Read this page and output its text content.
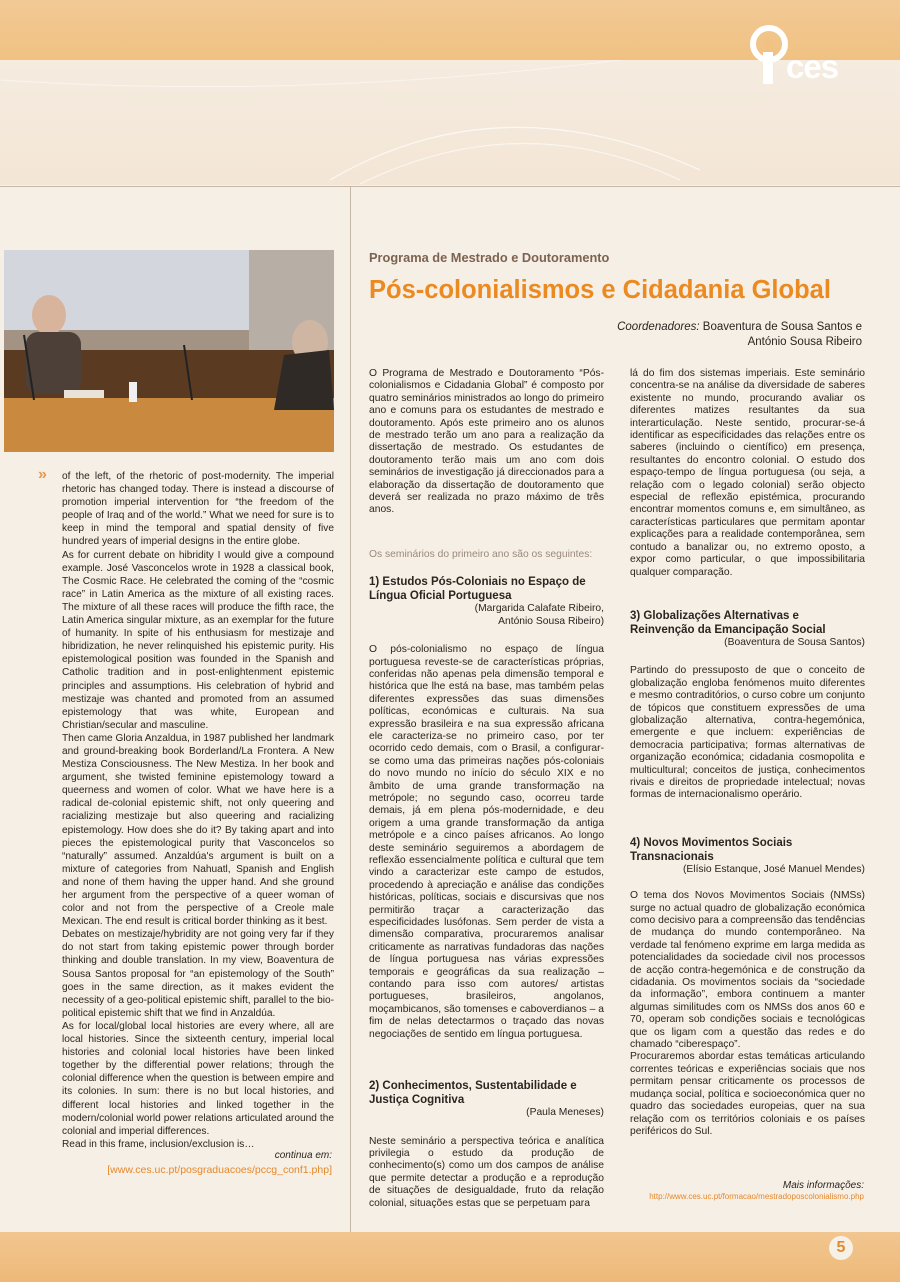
ces
» of the left, of the rhetoric of post-modernity. The imperial rhetoric has changed today. There is instead a discourse of promotion imperial intervention for “the freedom of the people of Iraq and of the world.” What we need for sure is to keep in mind the temporal and spatial density of five hundred years of imperial designs in the entire globe.

As for current debate on hibridity I would give a compound example. José Vasconcelos wrote in 1928 a classical book, The Cosmic Race. He celebrated the coming of the “cosmic race” in Latin America as the mixture of all existing races. The mixture of all these races will produce the fifth race, the Latin America singular mixture, as an exemplar for the future of humanity. In spite of his enthusiasm for mestizaje and hibridization, he never relinquished his epistemic purity. His epistemological position was founded in the Spanish and Catholic tradition and in post-enlightenment epistemic principles and assumptions. His celebration of hybrid and mestizaje was chanted and promoted from an assumed epistemology that was white, European and Christian/secular and masculine.

Then came Gloria Anzaldua, in 1987 published her landmark and ground-breaking book Borderland/La Frontera. A New Mestiza Consciousness. The New Mestiza. In her book and argument, she twisted feminine epistemology toward a queerness and women of color. What we have here is a radical de-colonial epistemic shift, not only queering and racializing mestizaje but also queering and racializing epistemology. How does she do it? By taking apart and into pieces the epistemological purity that Vasconcelos so “naturally” assumed. Anzaldúa's argument is built on a mixture of categories from Nahuatl, Spanish and English and none of them having the upper hand. And she ground her argument from the perspective of a queer woman of color and not from the perspective of a Creole male Mexican. The end result is critical border thinking as it best.

Debates on mestizaje/hybridity are not going very far if they do not start from taking epistemic power through border thinking and double translation. In my view, Boaventura de Sousa Santos proposal for “an epistemology of the South” goes in the same direction, as it makes evident the necessity of a geo-political epistemic shift, parallel to the bio-political epistemic shift that we find in Anzaldúa.

As for local/global local histories are every where, all are local histories. Since the sixteenth century, imperial local histories and colonial local histories have been linked together by the differential power relations; through the colonial difference when the question is between empire and its colonies. In sum: there is no but local histories, and different local histories and linked together in the modern/colonial world power relations articulated around the colonial and imperial differences.

Read in this frame, inclusion/exclusion is…

continua em:
[www.ces.uc.pt/posgraduacoes/pccg_conf1.php]
Programa de Mestrado e Doutoramento
Pós-colonialismos e Cidadania Global
Coordenadores: Boaventura de Sousa Santos e
António Sousa Ribeiro

O Programa de Mestrado e Doutoramento “Pós-colonialismos e Cidadania Global” é composto por quatro seminários ministrados ao longo do primeiro ano e comuns para os estudantes de mestrado e doutoramento. Após este primeiro ano os alunos de mestrado terão um ano para a realização da dissertação de mestrado. Os estudantes de doutoramento terão mais um ano com dois seminários de investigação já direccionados para a elaboração da dissertação de doutoramento que deverá ser realizada no prazo máximo de três anos.

Os seminários do primeiro ano são os seguintes:

1) Estudos Pós-Coloniais no Espaço de Língua Oficial Portuguesa
(Margarida Calafate Ribeiro,
António Sousa Ribeiro)

O pós-colonialismo no espaço de língua portuguesa reveste-se de características próprias, conferidas não apenas pela dimensão temporal e histórica que lhe está na base, mas também pelas diferentes expressões das suas dimensões políticas, económicas e culturais. Na sua expressão brasileira e na sua expressão africana ele caracteriza-se no primeiro caso, por ter ocorrido cedo demais, com o Brasil, a configurar-se como uma das primeiras nações pós-coloniais do novo mundo no início do século XIX e no âmbito de uma grande transformação na metrópole; no segundo caso, ocorreu tarde demais, já em plena pós-modernidade, e deu origem a uma grande transformação da antiga metrópole e a cinco países africanos. Ao longo deste seminário seguiremos a abordagem de reflexão essencialmente política e cultural que tem vindo a caracterizar este campo de estudos, procedendo à apreciação e análise das condições históricas, políticas, sociais e discursivas que nos permitirão traçar a caracterização das especificidades lusófonas. Sem perder de vista a dimensão comparativa, procuraremos analisar criticamente as narrativas fundadoras das nações de língua portuguesa nas várias expressões temporais e geográficas da sua realização – contando para isso com autores/ artistas portugueses, brasileiros, angolanos, moçambicanos, são tomenses e caboverdianos – a fim de nelas detectarmos o traçado das novas negociações de sentido em língua portuguesa.

2) Conhecimentos, Sustentabilidade e Justiça Cognitiva
(Paula Meneses)

Neste seminário a perspectiva teórica e analítica privilegia o estudo da produção de conhecimento(s) como um dos campos de análise que permite detectar a produção e a reprodução de situações de desigualdade, fruto da relação colonial, situações estas que se perpetuam para

lá do fim dos sistemas imperiais. Este seminário concentra-se na análise da diversidade de saberes existente no mundo, procurando avaliar os diferentes matizes resultantes da sua interarticulação. Neste sentido, procurar-se-á identificar as especificidades das relações entre os saberes (incluindo o científico) em presença, resultantes do encontro colonial. O estudo dos espaço-tempo de língua portuguesa (ou seja, a relação com o legado colonial) serão objecto especial de reflexão epistémica, procurando encontrar momentos comuns e, em simultâneo, as características particulares que permitam apontar explicações para a realidade contemporânea, sem contudo a banalizar ou, no extremo oposto, a expor como particular, o que impossibilitaria qualquer comparação.

3) Globalizações Alternativas e Reinvenção da Emancipação Social
(Boaventura de Sousa Santos)

Partindo do pressuposto de que o conceito de globalização engloba fenómenos muito diferentes e mesmo contraditórios, o curso cobre um conjunto de tópicos que constituem expressões de uma globalização alternativa, contra-hegemónica, emergente e que incluem: experiências de democracia participativa; formas alternativas de organização económica; cidadania cosmopolita e multicultural; conceitos de justiça, conhecimentos rivais e direitos de propriedade intelectual; novas formas de internacionalismo operário.

4) Novos Movimentos Sociais Transnacionais
(Elísio Estanque, José Manuel Mendes)

O tema dos Novos Movimentos Sociais (NMSs) surge no actual quadro de globalização económica como decisivo para a compreensão das tendências de mudança do mundo contemporâneo. Na verdade tal fenómeno exprime em larga medida as potencialidades da sociedade civil nos processos de acção contra-hegemónica e de construção da cidadania. Os movimentos sociais da “sociedade da informação”, embora continuem a manter algumas similitudes com os NMSs dos anos 60 e 70, operam sob condições sociais e tecnológicas que os ligam com a questão das redes e do chamado “ciberespaço”.

Procuraremos abordar estas temáticas articulando correntes teóricas e experiências sociais que nos permitam pensar criticamente os processos de mudança social, política e socioeconómica quer no quadro das sociedades europeias, quer na sua relação com os territórios coloniais e os países periféricos do Sul.

Mais informações:
http://www.ces.uc.pt/formacao/mestradoposcolonialismo.php
5
